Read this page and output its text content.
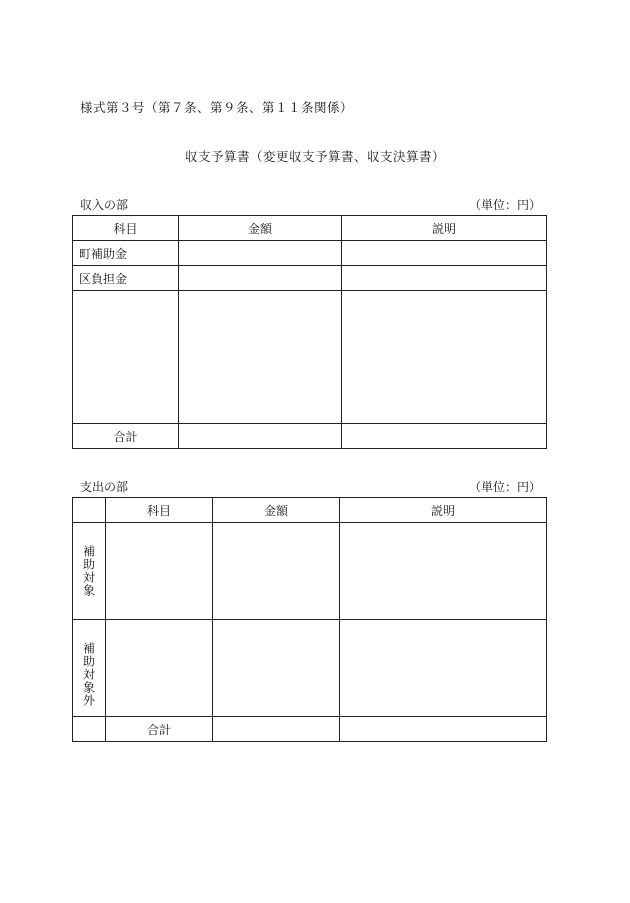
様式第３号（第７条、第９条、第１１条関係）
収支予算書（変更収支予算書、収支決算書）
収入の部	（単位：円）
科目	金額	説明
町補助金		
区負担金		

合計		
支出の部	（単位：円）
	科目	金額	説明

補助対象			

補助対象外			

	合計		
